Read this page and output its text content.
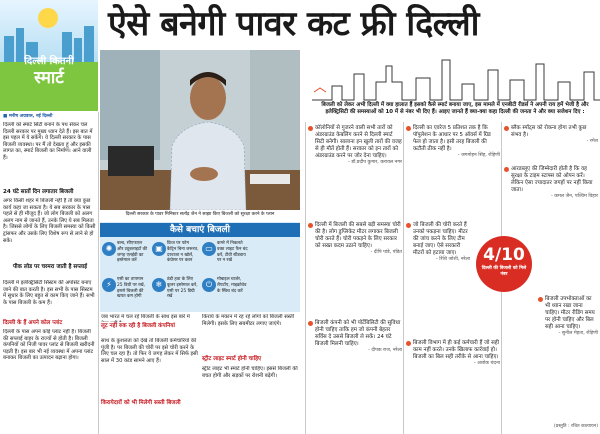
दिल्ली कितनी
स्मार्ट
ऐसे बनेगी पावर कट फ्री दिल्ली
■ मनीष अग्रवाल, नई दिल्ली
दिल्ली को स्मार्ट सिटी बनाने के पथ सेकर चल दिल्ली सरकार पर मुख्य ध्यान देते हैं। इस बात में इस पहल में ये सकेंगे। ये दिल्ली सरकार के पास बिजली व्यवस्था। पर मैं तो देखता हूं और इसकी लागत का, स्मार्ट बिजली का निर्माण। आने वाली हैं।
24 घंटे सातों दिन लगातार बिजली
अगर किसी शहर में बिजली नहीं है तो क्या कुछ कार्य कहा जा सकता है। ये सब सरकार के पास पहले से ही मौजूद हैं। जो लोग बिजली को अलग अलग नाम से जानते हैं, उनके लिए ये सब मिलता है। जिससे लोगों के लिए बिजली समस्या को किसी ट्रांसफर और उसके लिए विशेष रूप से लाने से हो सके।
पीक लोड पर चरमरा जाती है सप्लाई
दिल्ली में इलेक्ट्रिसिटी सिस्टम की अपोसेट बनाए जाने की बात करती है। इस सभी के पास सिस्टम में सुधार के लिए बहुत से काम किए जाने हैं। सभी के पास बिजली के कम हैं।
दिल्ली के हैं अपने कोल प्लांट
दिल्ली के पास अपने कोई प्लांट नहीं है। बिजली की सप्लाई बाहर के राज्यों से होती है। बिजली कंपनियों को निजी पावर प्लांट से बिजली खरीदनी पड़ती है। इस बार भी नई व्यवस्था में अपना प्लांट बनाकर बिजली का उत्पादन बढ़ाना होगा।
दिल्ली सरकार के पावर मिनिस्टर सत्येंद्र जैन ने साझा किए बिजली को सुरक्षा करने के प्लान
कैसे बचाएं बिजली
✺
बल्ब, सीएफएल और ट्यूबलाइटों की जगह एलईडी का इस्तेमाल करें
▣
फ्रिज पर फोम कैट्रिन बिना जरूरत, दरवाजा न खोलें, कंप्रेसर पर कवर
▭
कमरे में निकलते वक्त लाइट फैन बंद करें, टीवी स्टैंडबाय पर न रखें
⚡
एसी का तापमान 25 डिग्री पर रखें, इससे बिजली की खपत कम होगी
❄
ठंडी हवा के लिए कूलर इस्तेमाल करें, एसी पर 25 डिग्री रखें
⏻
मोबाइल चार्जर, लैपटॉप, माइक्रोवेव के स्विच बंद करें
जब भारत में चल रहे बिजली के साथ इस बारे में
लूट नहीं रुक रही है बिजली कंपनियां
साथ के कुशलता को देखे तो बिजली कर्मचारियों की पूंजी है। पर बिजली की चोरी पर इसे चोरी करने के लिए चल रहा है। तो फिर ये जगह लेकर में सिर्फ इसी साल में 30 कांड सामने आए हैं।
किरायेदारों को भी मिलेगी सस्ती बिजली
किराये के मकान में रह रहे लोगों को बिजली सस्ती मिलेगी। इसके लिए सबमीटर लगाए जाएंगे।
स्ट्रीट लाइट स्मार्ट होनी चाहिए
स्ट्रीट लाइट भी स्मार्ट होनी चाहिए। इससे बिजली की बचत होगी और सड़कों पर रोशनी बढ़ेगी।
बिजली को लेकर अभी दिल्ली में क्या हालात हैं इसको कैसे स्मार्ट बनाया जाए, इस मामले में एनबीटी रीडर्स ने अपनी राय हमें भेजी है और इलेक्ट्रिसिटी की समस्याओं को 10 में से नंबर भी दिए हैं। आइए जानते हैं क्या-क्या कहा दिल्ली की जनता ने और क्या सजेशन दिए :
कॉलोनियों से गुजरने वाली सभी तारों को अंडरग्राउंड केबलिंग करने से दिल्ली स्मार्ट सिटी बनेगी। सालाना इन खुली तारों की वजह से ही मौतें होती हैं। सरकार को इन तारों को अंडरग्राउंड करने पर जोर देना चाहिए।
- डॉ.प्रदीप कुमार, करावल नगर
दिल्ली में बिजली की सबसे बड़ी समस्या चोरी की है। लोग डुप्लिकेट मीटर लगाकर बिजली चोरी करते हैं। चोरी पकड़ने के लिए सरकार को सख्त कदम उठाने चाहिए।
- दीपि पांडे, पंडित
बिजली कंपनी को भी पोर्टेबिलिटी की सुविधा होनी चाहिए ताकि हम जो कंपनी बेहतर सर्विस दे उससे बिजली ले सकें। 24 घंटे बिजली मिलनी चाहिए।
- दीपक राज, नरेला
दिल्ली का एवरेज 5 प्रतिशत तक है कि पॉपुलेशन के आधार पर 5 ऑवर्स में ग्रिड फेल हो जाता है। इसी तरह बिजली की कटौती ठीक नहीं है।
- जगमोहन सिंह, रोहिणी
जो बिजली की चोरी करते हैं उनको पकड़ना चाहिए। मीटर की जांच करने के लिए टीम बनाई जाए। ऐसे सरकारी मीटरों को हटाया जाए।
- रिशि जोशी, नरेला
बिजली विभाग में ही कई कर्मचारी हैं जो सही काम नहीं करते। उनके खिलाफ कार्रवाई हो। बिजली का बिल सही तरीके से आना चाहिए।
- अशोक चंदना
4/10
दिल्ली की बिजली को मिले नंबर
ब्लैक स्पॉट्स को रोकना होगा तभी कुछ संभव है।
- रमेश
आरडब्लूए की जिम्मेदारी होती है कि वह सुरक्षा के टाइम स्टाफ्स को ओपन करें। लेकिन ऐसा ज्यादातर जगहों पर नहीं किया जाता।
- कमल जैन, पश्चिम विहार
बिजली उपभोक्ताओं का भी ध्यान रखा जाना चाहिए। मीटर रीडिंग समय पर होनी चाहिए और बिल सही आना चाहिए।
- सुनील मेहता, रोहिणी
(प्रस्तुति : रचित कात्यायन)
